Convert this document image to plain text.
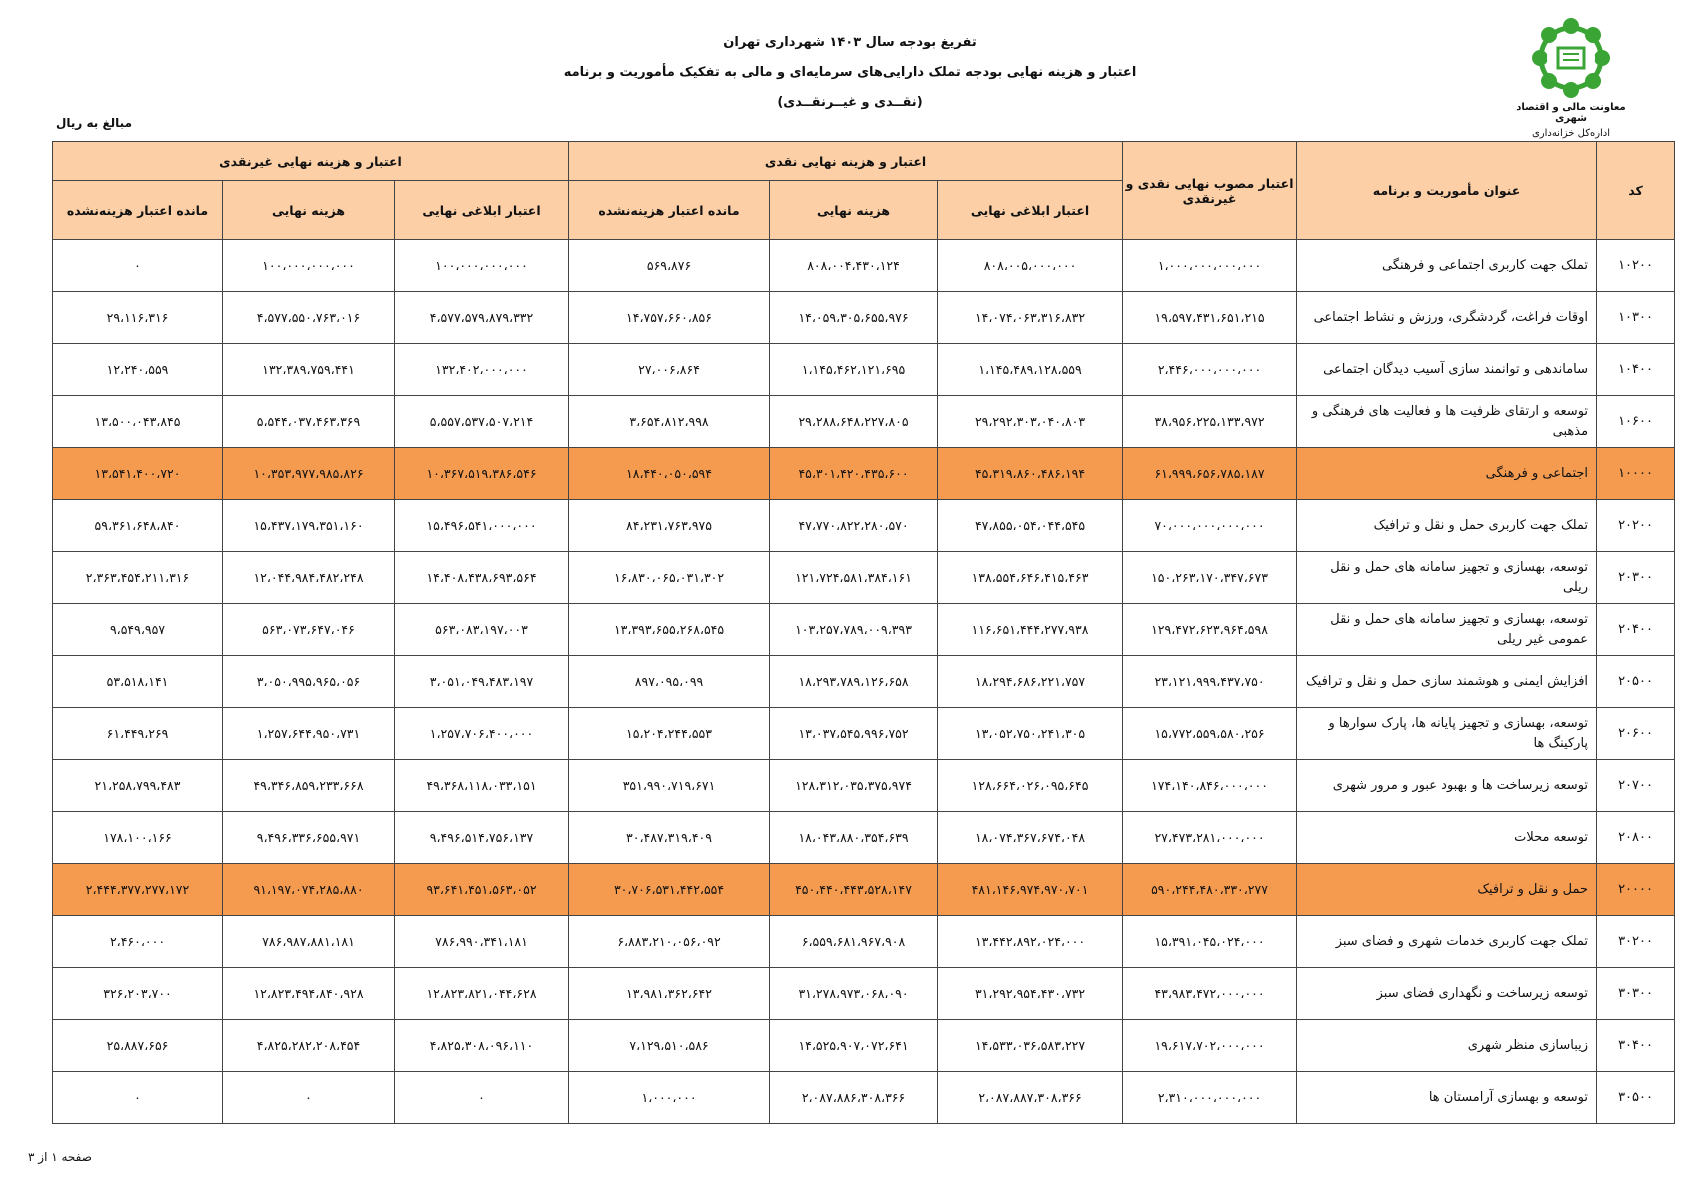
تفریغ بودجه سال ۱۴۰۳ شهرداری تهران
اعتبار و هزینه نهایی بودجه تملک دارایی‌های سرمایه‌ای و مالی به تفکیک مأموریت و برنامه
(نقــدی و غیــرنقــدی)	معاونت مالی و اقتصاد شهری
اداره‌کل خزانه‌داری
مبالغ به ریال
کد	عنوان مأموریت و برنامه	اعتبار مصوب نهایی نقدی و غیرنقدی	اعتبار و هزینه نهایی نقدی			اعتبار و هزینه نهایی غیرنقدی		
			اعتبار ابلاغی نهایی	هزینه نهایی	مانده اعتبار هزینه‌نشده	اعتبار ابلاغی نهایی	هزینه نهایی	مانده اعتبار هزینه‌نشده
۱۰۲۰۰	تملک جهت کاربری اجتماعی و فرهنگی	۱،۰۰۰،۰۰۰،۰۰۰،۰۰۰	۸۰۸،۰۰۵،۰۰۰،۰۰۰	۸۰۸،۰۰۴،۴۳۰،۱۲۴	۵۶۹،۸۷۶	۱۰۰،۰۰۰،۰۰۰،۰۰۰	۱۰۰،۰۰۰،۰۰۰،۰۰۰	۰
۱۰۳۰۰	اوقات فراغت، گردشگری، ورزش و نشاط اجتماعی	۱۹،۵۹۷،۴۳۱،۶۵۱،۲۱۵	۱۴،۰۷۴،۰۶۳،۳۱۶،۸۳۲	۱۴،۰۵۹،۳۰۵،۶۵۵،۹۷۶	۱۴،۷۵۷،۶۶۰،۸۵۶	۴،۵۷۷،۵۷۹،۸۷۹،۳۳۲	۴،۵۷۷،۵۵۰،۷۶۳،۰۱۶	۲۹،۱۱۶،۳۱۶
۱۰۴۰۰	ساماندهی و توانمند سازی آسیب دیدگان اجتماعی	۲،۴۴۶،۰۰۰،۰۰۰،۰۰۰	۱،۱۴۵،۴۸۹،۱۲۸،۵۵۹	۱،۱۴۵،۴۶۲،۱۲۱،۶۹۵	۲۷،۰۰۶،۸۶۴	۱۳۲،۴۰۲،۰۰۰،۰۰۰	۱۳۲،۳۸۹،۷۵۹،۴۴۱	۱۲،۲۴۰،۵۵۹
۱۰۶۰۰	توسعه و ارتقای ظرفیت ها و فعالیت های فرهنگی و مذهبی	۳۸،۹۵۶،۲۲۵،۱۳۳،۹۷۲	۲۹،۲۹۲،۳۰۳،۰۴۰،۸۰۳	۲۹،۲۸۸،۶۴۸،۲۲۷،۸۰۵	۳،۶۵۴،۸۱۲،۹۹۸	۵،۵۵۷،۵۳۷،۵۰۷،۲۱۴	۵،۵۴۴،۰۳۷،۴۶۳،۳۶۹	۱۳،۵۰۰،۰۴۳،۸۴۵
۱۰۰۰۰	اجتماعی و فرهنگی	۶۱،۹۹۹،۶۵۶،۷۸۵،۱۸۷	۴۵،۳۱۹،۸۶۰،۴۸۶،۱۹۴	۴۵،۳۰۱،۴۲۰،۴۳۵،۶۰۰	۱۸،۴۴۰،۰۵۰،۵۹۴	۱۰،۳۶۷،۵۱۹،۳۸۶،۵۴۶	۱۰،۳۵۳،۹۷۷،۹۸۵،۸۲۶	۱۳،۵۴۱،۴۰۰،۷۲۰
۲۰۲۰۰	تملک جهت کاربری حمل و نقل و ترافیک	۷۰،۰۰۰،۰۰۰،۰۰۰،۰۰۰	۴۷،۸۵۵،۰۵۴،۰۴۴،۵۴۵	۴۷،۷۷۰،۸۲۲،۲۸۰،۵۷۰	۸۴،۲۳۱،۷۶۳،۹۷۵	۱۵،۴۹۶،۵۴۱،۰۰۰،۰۰۰	۱۵،۴۳۷،۱۷۹،۳۵۱،۱۶۰	۵۹،۳۶۱،۶۴۸،۸۴۰
۲۰۳۰۰	توسعه، بهسازی و تجهیز سامانه های حمل و نقل ریلی	۱۵۰،۲۶۳،۱۷۰،۳۴۷،۶۷۳	۱۳۸،۵۵۴،۶۴۶،۴۱۵،۴۶۳	۱۲۱،۷۲۴،۵۸۱،۳۸۴،۱۶۱	۱۶،۸۳۰،۰۶۵،۰۳۱،۳۰۲	۱۴،۴۰۸،۴۳۸،۶۹۳،۵۶۴	۱۲،۰۴۴،۹۸۴،۴۸۲،۲۴۸	۲،۳۶۳،۴۵۴،۲۱۱،۳۱۶
۲۰۴۰۰	توسعه، بهسازی و تجهیز سامانه های حمل و نقل عمومی غیر ریلی	۱۲۹،۴۷۲،۶۲۳،۹۶۴،۵۹۸	۱۱۶،۶۵۱،۴۴۴،۲۷۷،۹۳۸	۱۰۳،۲۵۷،۷۸۹،۰۰۹،۳۹۳	۱۳،۳۹۳،۶۵۵،۲۶۸،۵۴۵	۵۶۳،۰۸۳،۱۹۷،۰۰۳	۵۶۳،۰۷۳،۶۴۷،۰۴۶	۹،۵۴۹،۹۵۷
۲۰۵۰۰	افزایش ایمنی و هوشمند سازی حمل و نقل و ترافیک	۲۳،۱۲۱،۹۹۹،۴۳۷،۷۵۰	۱۸،۲۹۴،۶۸۶،۲۲۱،۷۵۷	۱۸،۲۹۳،۷۸۹،۱۲۶،۶۵۸	۸۹۷،۰۹۵،۰۹۹	۳،۰۵۱،۰۴۹،۴۸۳،۱۹۷	۳،۰۵۰،۹۹۵،۹۶۵،۰۵۶	۵۳،۵۱۸،۱۴۱
۲۰۶۰۰	توسعه، بهسازی و تجهیز پایانه ها، پارک سوارها و پارکینگ ها	۱۵،۷۷۲،۵۵۹،۵۸۰،۲۵۶	۱۳،۰۵۲،۷۵۰،۲۴۱،۳۰۵	۱۳،۰۳۷،۵۴۵،۹۹۶،۷۵۲	۱۵،۲۰۴،۲۴۴،۵۵۳	۱،۲۵۷،۷۰۶،۴۰۰،۰۰۰	۱،۲۵۷،۶۴۴،۹۵۰،۷۳۱	۶۱،۴۴۹،۲۶۹
۲۰۷۰۰	توسعه زیرساخت ها و بهبود عبور و مرور شهری	۱۷۴،۱۴۰،۸۴۶،۰۰۰،۰۰۰	۱۲۸،۶۶۴،۰۲۶،۰۹۵،۶۴۵	۱۲۸،۳۱۲،۰۳۵،۳۷۵،۹۷۴	۳۵۱،۹۹۰،۷۱۹،۶۷۱	۴۹،۳۶۸،۱۱۸،۰۳۳،۱۵۱	۴۹،۳۴۶،۸۵۹،۲۳۳،۶۶۸	۲۱،۲۵۸،۷۹۹،۴۸۳
۲۰۸۰۰	توسعه محلات	۲۷،۴۷۳،۲۸۱،۰۰۰،۰۰۰	۱۸،۰۷۴،۳۶۷،۶۷۴،۰۴۸	۱۸،۰۴۳،۸۸۰،۳۵۴،۶۳۹	۳۰،۴۸۷،۳۱۹،۴۰۹	۹،۴۹۶،۵۱۴،۷۵۶،۱۳۷	۹،۴۹۶،۳۳۶،۶۵۵،۹۷۱	۱۷۸،۱۰۰،۱۶۶
۲۰۰۰۰	حمل و نقل و ترافیک	۵۹۰،۲۴۴،۴۸۰،۳۳۰،۲۷۷	۴۸۱،۱۴۶،۹۷۴،۹۷۰،۷۰۱	۴۵۰،۴۴۰،۴۴۳،۵۲۸،۱۴۷	۳۰،۷۰۶،۵۳۱،۴۴۲،۵۵۴	۹۳،۶۴۱،۴۵۱،۵۶۳،۰۵۲	۹۱،۱۹۷،۰۷۴،۲۸۵،۸۸۰	۲،۴۴۴،۳۷۷،۲۷۷،۱۷۲
۳۰۲۰۰	تملک جهت کاربری خدمات شهری و فضای سبز	۱۵،۳۹۱،۰۴۵،۰۲۴،۰۰۰	۱۳،۴۴۲،۸۹۲،۰۲۴،۰۰۰	۶،۵۵۹،۶۸۱،۹۶۷،۹۰۸	۶،۸۸۳،۲۱۰،۰۵۶،۰۹۲	۷۸۶،۹۹۰،۳۴۱،۱۸۱	۷۸۶،۹۸۷،۸۸۱،۱۸۱	۲،۴۶۰،۰۰۰
۳۰۳۰۰	توسعه زیرساخت و نگهداری فضای سبز	۴۳،۹۸۳،۴۷۲،۰۰۰،۰۰۰	۳۱،۲۹۲،۹۵۴،۴۳۰،۷۳۲	۳۱،۲۷۸،۹۷۳،۰۶۸،۰۹۰	۱۳،۹۸۱،۳۶۲،۶۴۲	۱۲،۸۲۳،۸۲۱،۰۴۴،۶۲۸	۱۲،۸۲۳،۴۹۴،۸۴۰،۹۲۸	۳۲۶،۲۰۳،۷۰۰
۳۰۴۰۰	زیباسازی منظر شهری	۱۹،۶۱۷،۷۰۲،۰۰۰،۰۰۰	۱۴،۵۳۳،۰۳۶،۵۸۳،۲۲۷	۱۴،۵۲۵،۹۰۷،۰۷۲،۶۴۱	۷،۱۲۹،۵۱۰،۵۸۶	۴،۸۲۵،۳۰۸،۰۹۶،۱۱۰	۴،۸۲۵،۲۸۲،۲۰۸،۴۵۴	۲۵،۸۸۷،۶۵۶
۳۰۵۰۰	توسعه و بهسازی آرامستان ها	۲،۳۱۰،۰۰۰،۰۰۰،۰۰۰	۲،۰۸۷،۸۸۷،۳۰۸،۳۶۶	۲،۰۸۷،۸۸۶،۳۰۸،۳۶۶	۱،۰۰۰،۰۰۰	۰	۰	۰
صفحه ۱ از ۳
